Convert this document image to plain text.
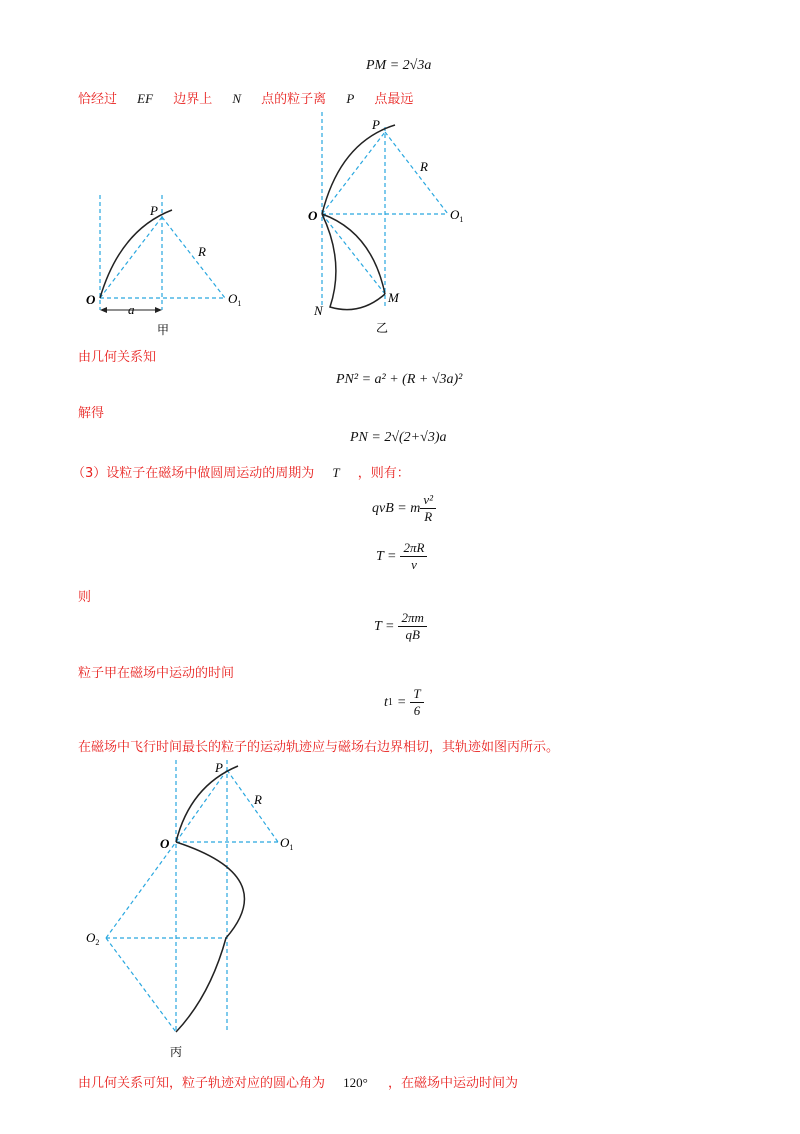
PM = 2√3a
恰经过 EF 边界上 N 点的粒子离 P 点最远
P
R
O	$O_1$
a
甲
P
R
O	$O_1$
M
N
乙
由几何关系知
PN² = a² + (R + √3a)²
解得
PN = 2√(2+√3)a
（3）设粒子在磁场中做圆周运动的周期为 T ，则有：
qvB = m $\frac{\text{v²}}{R}$
$T = \frac{2\pi R}{v}$
则
$T = \frac{2\pi m}{qB}$
粒子甲在磁场中运动的时间
t $1 = \frac{T}{6}$
在磁场中飞行时间最长的粒子的运动轨迹应与磁场右边界相切，其轨迹如图丙所示。
P
R
O	$O_1$
$O_2$
丙
由几何关系可知，粒子轨迹对应的圆心角为 120° ，在磁场中运动时间为
